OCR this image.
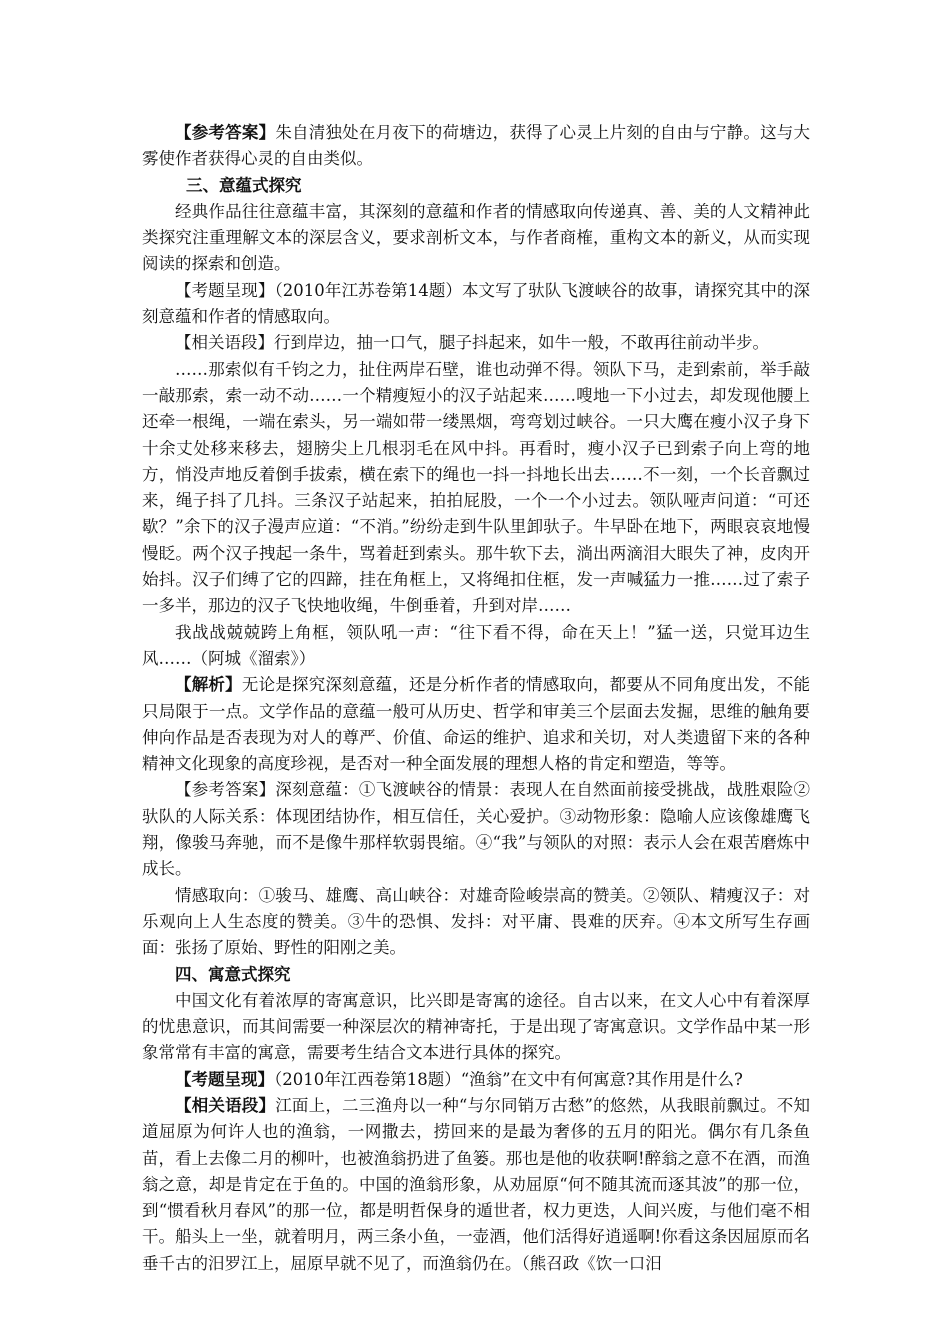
【参考答案】朱自清独处在月夜下的荷塘边，获得了心灵上片刻的自由与宁静。这与大雾使作者获得心灵的自由类似。

三、意蕴式探究

经典作品往往意蕴丰富，其深刻的意蕴和作者的情感取向传递真、善、美的人文精神此类探究注重理解文本的深层含义，要求剖析文本，与作者商榷，重构文本的新义，从而实现阅读的探索和创造。

【考题呈现】（2010年江苏卷第14题）本文写了驮队飞渡峡谷的故事，请探究其中的深刻意蕴和作者的情感取向。

【相关语段】行到岸边，抽一口气，腿子抖起来，如牛一般，不敢再往前动半步。

……那索似有千钧之力，扯住两岸石壁，谁也动弹不得。领队下马，走到索前，举手敲一敲那索，索一动不动……一个精瘦短小的汉子站起来……嗖地一下小过去，却发现他腰上还牵一根绳，一端在索头，另一端如带一缕黑烟，弯弯划过峡谷。一只大鹰在瘦小汉子身下十余丈处移来移去，翅膀尖上几根羽毛在风中抖。再看时，瘦小汉子已到索子向上弯的地方，悄没声地反着倒手拔索，横在索下的绳也一抖一抖地长出去……不一刻，一个长音飘过来，绳子抖了几抖。三条汉子站起来，拍拍屁股，一个一个小过去。领队哑声问道：“可还歇？”余下的汉子漫声应道：“不消。”纷纷走到牛队里卸驮子。牛早卧在地下，两眼哀哀地慢慢眨。两个汉子拽起一条牛，骂着赶到索头。那牛软下去，淌出两滴泪大眼失了神，皮肉开始抖。汉子们缚了它的四蹄，挂在角框上，又将绳扣住框，发一声喊猛力一推……过了索子一多半，那边的汉子飞快地收绳，牛倒垂着，升到对岸……

我战战兢兢跨上角框，领队吼一声：“往下看不得，命在天上！”猛一送，只觉耳边生风……（阿城《溜索》）

【解析】无论是探究深刻意蕴，还是分析作者的情感取向，都要从不同角度出发，不能只局限于一点。文学作品的意蕴一般可从历史、哲学和审美三个层面去发掘，思维的触角要伸向作品是否表现为对人的尊严、价值、命运的维护、追求和关切，对人类遗留下来的各种精神文化现象的高度珍视，是否对一种全面发展的理想人格的肯定和塑造，等等。

【参考答案】深刻意蕴：①飞渡峡谷的情景：表现人在自然面前接受挑战，战胜艰险②驮队的人际关系：体现团结协作，相互信任，关心爱护。③动物形象：隐喻人应该像雄鹰飞翔，像骏马奔驰，而不是像牛那样软弱畏缩。④“我”与领队的对照：表示人会在艰苦磨炼中成长。

情感取向：①骏马、雄鹰、高山峡谷：对雄奇险峻崇高的赞美。②领队、精瘦汉子：对乐观向上人生态度的赞美。③牛的恐惧、发抖：对平庸、畏难的厌弃。④本文所写生存画面：张扬了原始、野性的阳刚之美。

四、寓意式探究

中国文化有着浓厚的寄寓意识，比兴即是寄寓的途径。自古以来，在文人心中有着深厚的忧患意识，而其间需要一种深层次的精神寄托，于是出现了寄寓意识。文学作品中某一形象常常有丰富的寓意，需要考生结合文本进行具体的探究。

【考题呈现】（2010年江西卷第18题）“渔翁”在文中有何寓意?其作用是什么?

【相关语段】江面上，二三渔舟以一种“与尔同销万古愁”的悠然，从我眼前飘过。不知道屈原为何许人也的渔翁，一网撒去，捞回来的是最为奢侈的五月的阳光。偶尔有几条鱼苗，看上去像二月的柳叶，也被渔翁扔进了鱼篓。那也是他的收获啊!醉翁之意不在酒，而渔翁之意，却是肯定在于鱼的。中国的渔翁形象，从劝屈原“何不随其流而逐其波”的那一位，到“惯看秋月春风”的那一位，都是明哲保身的遁世者，权力更迭，人间兴废，与他们毫不相干。船头上一坐，就着明月，两三条小鱼，一壶酒，他们活得好逍遥啊!你看这条因屈原而名垂千古的汨罗江上，屈原早就不见了，而渔翁仍在。（熊召政《饮一口汨
